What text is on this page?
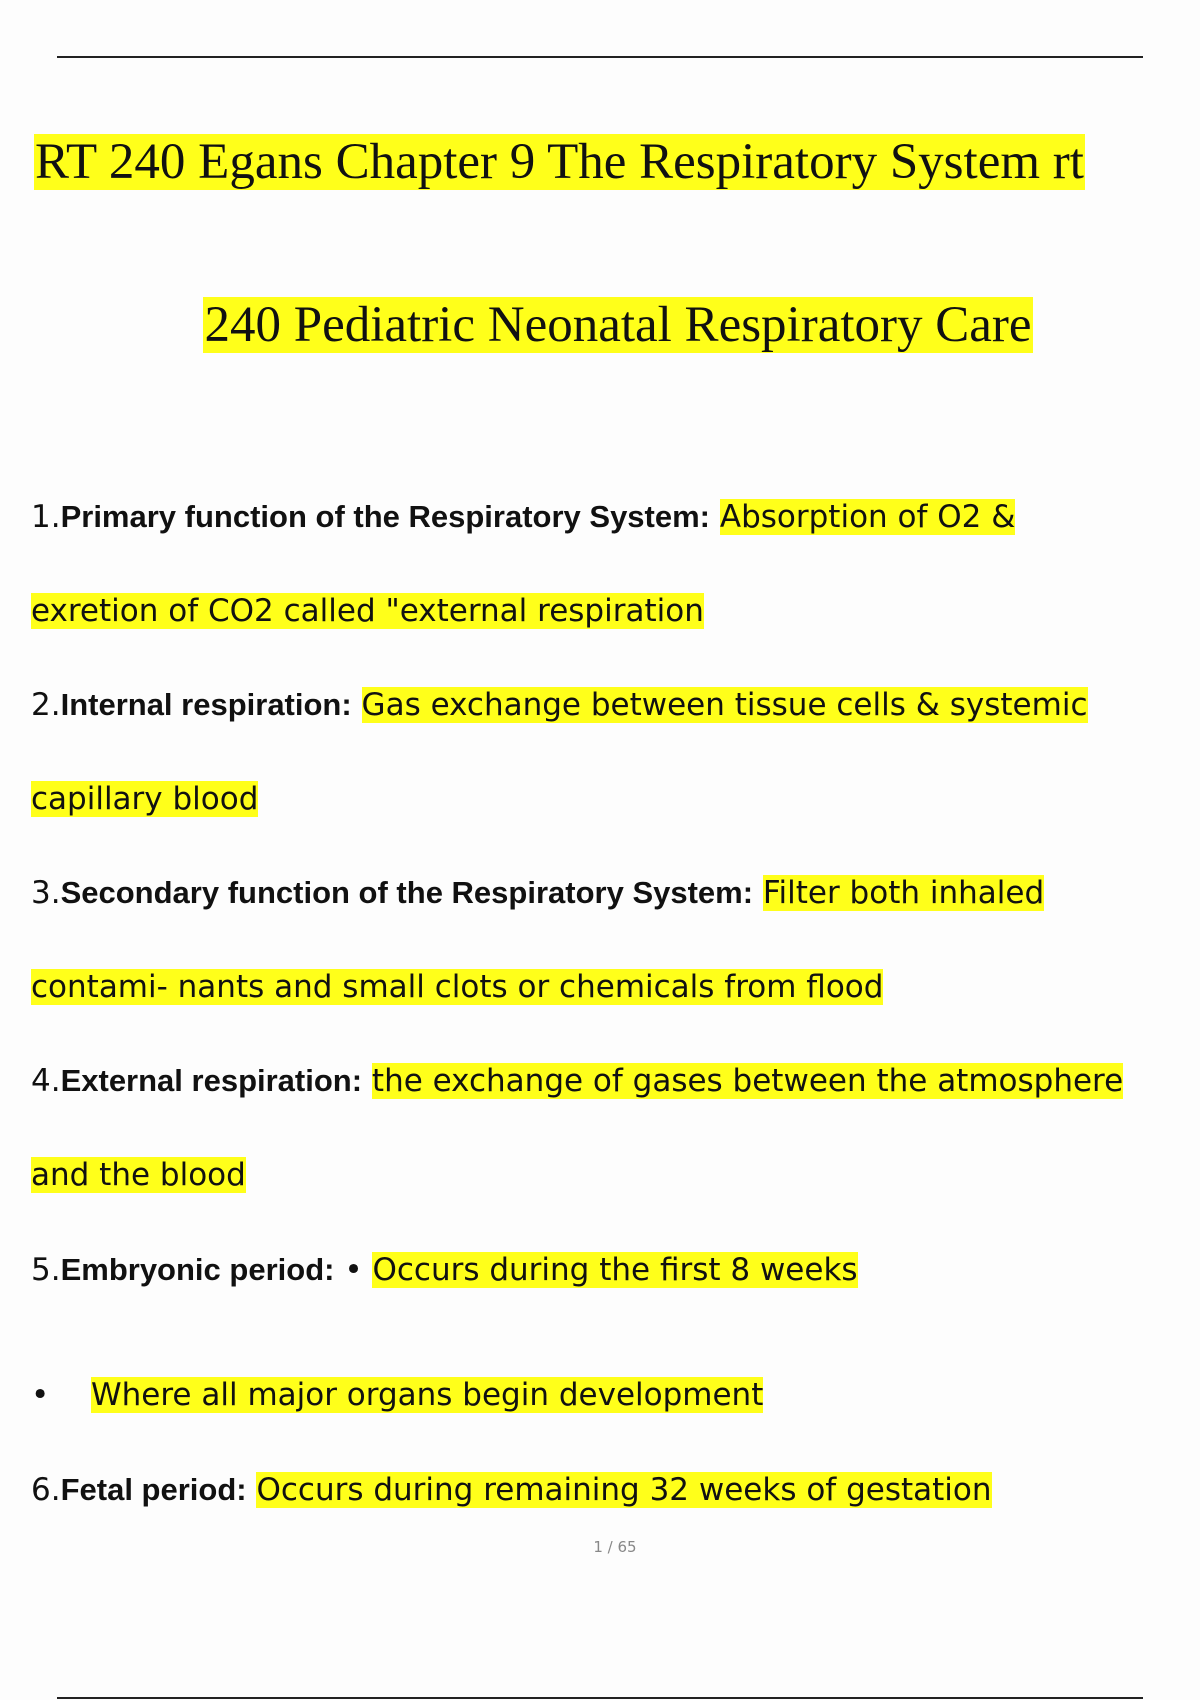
RT 240 Egans Chapter 9 The Respiratory System rt
240 Pediatric Neonatal Respiratory Care
1.Primary function of the Respiratory System: Absorption of O2 &
exretion of CO2 called "external respiration
2.Internal respiration: Gas exchange between tissue cells & systemic
capillary blood
3.Secondary function of the Respiratory System: Filter both inhaled
contami- nants and small clots or chemicals from flood
4.External respiration: the exchange of gases between the atmosphere
and the blood
5.Embryonic period: • Occurs during the first 8 weeks
• Where all major organs begin development
6.Fetal period: Occurs during remaining 32 weeks of gestation
1 / 65
